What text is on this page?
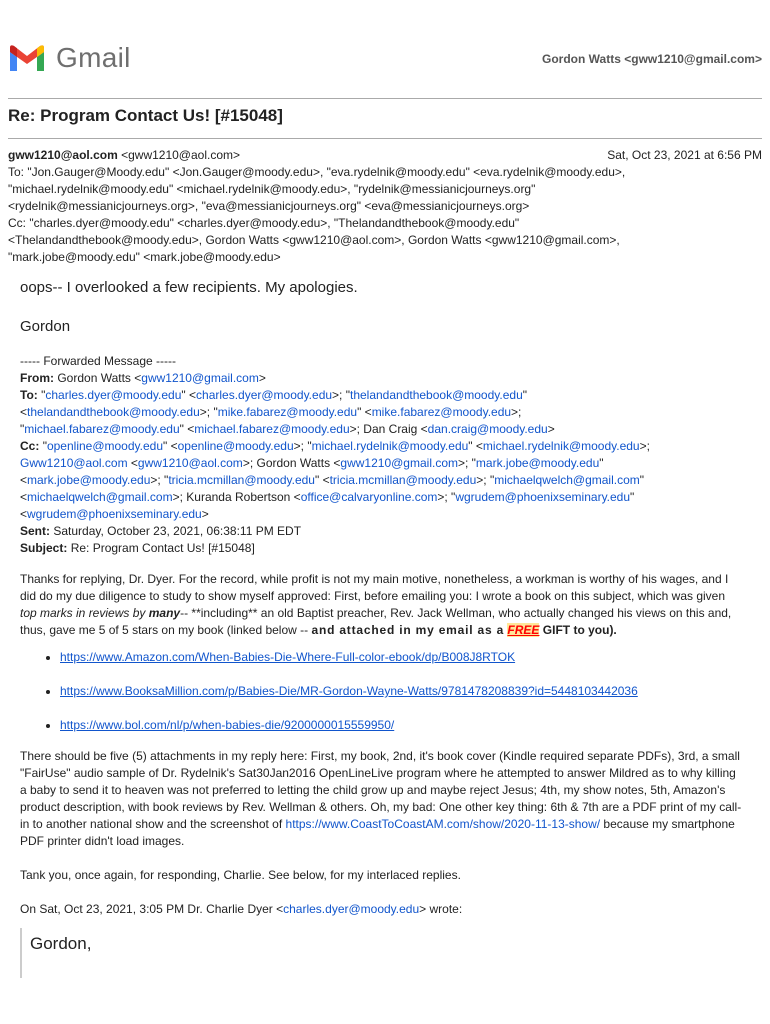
Gmail	Gordon Watts <gww1210@gmail.com>
Re: Program Contact Us! [#15048]
gww1210@aol.com <gww1210@aol.com>	Sat, Oct 23, 2021 at 6:56 PM
To: "Jon.Gauger@Moody.edu" <Jon.Gauger@moody.edu>, "eva.rydelnik@moody.edu" <eva.rydelnik@moody.edu>,
"michael.rydelnik@moody.edu" <michael.rydelnik@moody.edu>, "rydelnik@messianicjourneys.org"
<rydelnik@messianicjourneys.org>, "eva@messianicjourneys.org" <eva@messianicjourneys.org>
Cc: "charles.dyer@moody.edu" <charles.dyer@moody.edu>, "Thelandandthebook@moody.edu"
<Thelandandthebook@moody.edu>, Gordon Watts <gww1210@aol.com>, Gordon Watts <gww1210@gmail.com>,
"mark.jobe@moody.edu" <mark.jobe@moody.edu>

oops-- I overlooked a few recipients. My apologies.

Gordon

----- Forwarded Message -----

From: Gordon Watts <gww1210@gmail.com>

To: "charles.dyer@moody.edu" <charles.dyer@moody.edu>; "thelandandthebook@moody.edu"

<thelandandthebook@moody.edu>; "mike.fabarez@moody.edu" <mike.fabarez@moody.edu>;

"michael.fabarez@moody.edu" <michael.fabarez@moody.edu>; Dan Craig <dan.craig@moody.edu>

Cc: "openline@moody.edu" <openline@moody.edu>; "michael.rydelnik@moody.edu" <michael.rydelnik@moody.edu>;

Gww1210@aol.com <gww1210@aol.com>; Gordon Watts <gww1210@gmail.com>; "mark.jobe@moody.edu"

<mark.jobe@moody.edu>; "tricia.mcmillan@moody.edu" <tricia.mcmillan@moody.edu>; "michaelqwelch@gmail.com"

<michaelqwelch@gmail.com>; Kuranda Robertson <office@calvaryonline.com>; "wgrudem@phoenixseminary.edu"

<wgrudem@phoenixseminary.edu>

Sent: Saturday, October 23, 2021, 06:38:11 PM EDT

Subject: Re: Program Contact Us! [#15048]

Thanks for replying, Dr. Dyer. For the record, while profit is not my main motive, nonetheless, a workman is worthy of his wages, and I did do my due diligence to study to show myself approved: First, before emailing you: I wrote a book on this subject, which was given top marks in reviews by many-- **including** an old Baptist preacher, Rev. Jack Wellman, who actually changed his views on this and, thus, gave me 5 of 5 stars on my book (linked below -- and attached in my email as a FREE GIFT to you).

• https://www.Amazon.com/When-Babies-Die-Where-Full-color-ebook/dp/B008J8RTOK
• https://www.BooksaMillion.com/p/Babies-Die/MR-Gordon-Wayne-Watts/9781478208839?id=5448103442036
• https://www.bol.com/nl/p/when-babies-die/9200000015559950/

There should be five (5) attachments in my reply here: First, my book, 2nd, it's book cover (Kindle required separate PDFs), 3rd, a small "FairUse" audio sample of Dr. Rydelnik's Sat30Jan2016 OpenLineLive program where he attempted to answer Mildred as to why killing a baby to send it to heaven was not preferred to letting the child grow up and maybe reject Jesus; 4th, my show notes, 5th, Amazon's product description, with book reviews by Rev. Wellman & others. Oh, my bad: One other key thing: 6th & 7th are a PDF print of my call-in to another national show and the screenshot of https://www.CoastToCoastAM.com/show/2020-11-13-show/ because my smartphone PDF printer didn't load images.

Tank you, once again, for responding, Charlie. See below, for my interlaced replies.

On Sat, Oct 23, 2021, 3:05 PM Dr. Charlie Dyer <charles.dyer@moody.edu> wrote:

Gordon,
